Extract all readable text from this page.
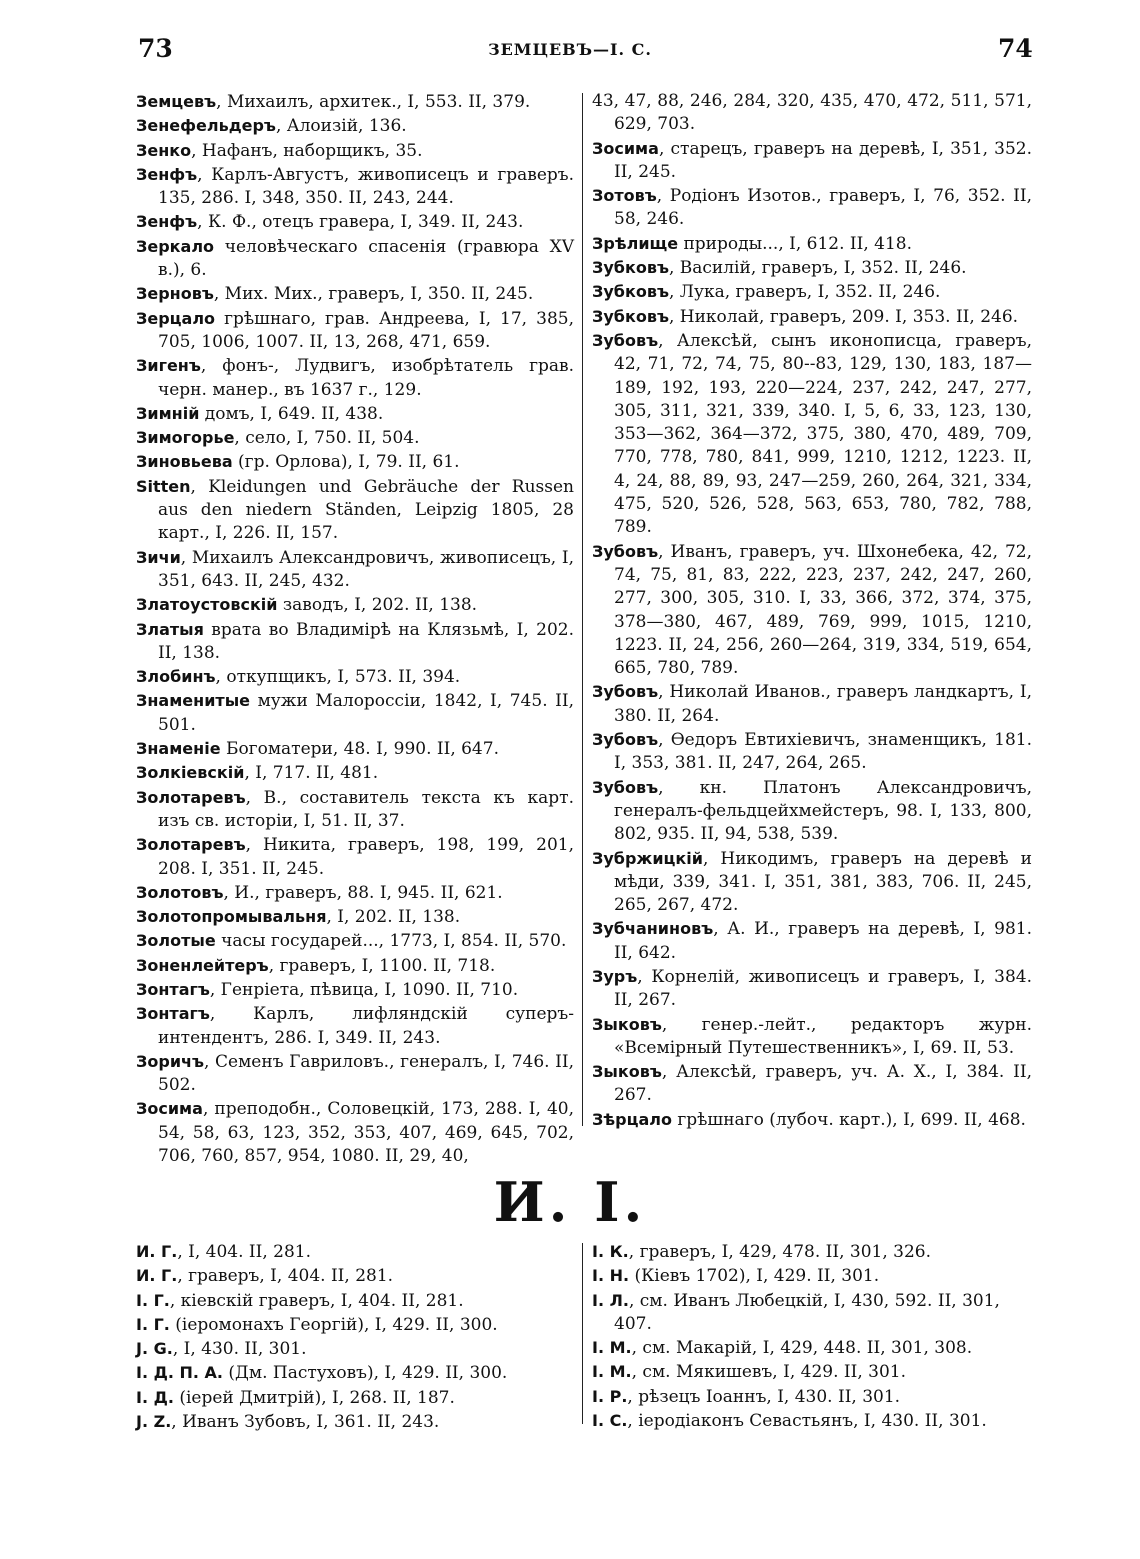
73	ЗЕМЦЕВЪ—I. С.	74
Земцевъ, Михаилъ, архитек., I, 553. II, 379.
Зенефельдеръ, Алоизій, 136.
Зенко, Нафанъ, наборщикъ, 35.
Зенфъ, Карлъ-Августъ, живописецъ и граверъ. 135, 286. I, 348, 350. II, 243, 244.
Зенфъ, К. Ф., отецъ гравера, I, 349. II, 243.
Зеркало человѣческаго спасенія (гравюра XV в.), 6.
Зерновъ, Мих. Мих., граверъ, I, 350. II, 245.
Зерцало грѣшнаго, грав. Андреева, I, 17, 385, 705, 1006, 1007. II, 13, 268, 471, 659.
Зигенъ, фонъ-, Лудвигъ, изобрѣтатель грав. черн. манер., въ 1637 г., 129.
Зимній домъ, I, 649. II, 438.
Зимогорье, село, I, 750. II, 504.
Зиновьева (гр. Орлова), I, 79. II, 61.
Sitten, Kleidungen und Gebräuche der Russen aus den niedern Ständen, Leipzig 1805, 28 карт., I, 226. II, 157.
Зичи, Михаилъ Александровичъ, живописецъ, I, 351, 643. II, 245, 432.
Златоустовскій заводъ, I, 202. II, 138.
Златыя врата во Владимірѣ на Клязьмѣ, I, 202. II, 138.
Злобинъ, откупщикъ, I, 573. II, 394.
Знаменитые мужи Малороссіи, 1842, I, 745. II, 501.
Знаменіе Богоматери, 48. I, 990. II, 647.
Золкіевскій, I, 717. II, 481.
Золотаревъ, В., составитель текста къ карт. изъ св. исторіи, I, 51. II, 37.
Золотаревъ, Никита, граверъ, 198, 199, 201, 208. I, 351. II, 245.
Золотовъ, И., граверъ, 88. I, 945. II, 621.
Золотопромывальня, I, 202. II, 138.
Золотые часы государей..., 1773, I, 854. II, 570.
Зоненлейтеръ, граверъ, I, 1100. II, 718.
Зонтагъ, Генріета, пѣвица, I, 1090. II, 710.
Зонтагъ, Карлъ, лифляндскій суперъ-интендентъ, 286. I, 349. II, 243.
Зоричъ, Семенъ Гавриловъ., генералъ, I, 746. II, 502.
Зосима, преподобн., Соловецкій, 173, 288. I, 40, 54, 58, 63, 123, 352, 353, 407, 469, 645, 702, 706, 760, 857, 954, 1080. II, 29, 40,
43, 47, 88, 246, 284, 320, 435, 470, 472, 511, 571, 629, 703.
Зосима, старецъ, граверъ на деревѣ, I, 351, 352. II, 245.
Зотовъ, Родіонъ Изотов., граверъ, I, 76, 352. II, 58, 246.
Зрѣлище природы..., I, 612. II, 418.
Зубковъ, Василій, граверъ, I, 352. II, 246.
Зубковъ, Лука, граверъ, I, 352. II, 246.
Зубковъ, Николай, граверъ, 209. I, 353. II, 246.
Зубовъ, Алексѣй, сынъ иконописца, граверъ, 42, 71, 72, 74, 75, 80--83, 129, 130, 183, 187—189, 192, 193, 220—224, 237, 242, 247, 277, 305, 311, 321, 339, 340. I, 5, 6, 33, 123, 130, 353—362, 364—372, 375, 380, 470, 489, 709, 770, 778, 780, 841, 999, 1210, 1212, 1223. II, 4, 24, 88, 89, 93, 247—259, 260, 264, 321, 334, 475, 520, 526, 528, 563, 653, 780, 782, 788, 789.
Зубовъ, Иванъ, граверъ, уч. Шхонебека, 42, 72, 74, 75, 81, 83, 222, 223, 237, 242, 247, 260, 277, 300, 305, 310. I, 33, 366, 372, 374, 375, 378—380, 467, 489, 769, 999, 1015, 1210, 1223. II, 24, 256, 260—264, 319, 334, 519, 654, 665, 780, 789.
Зубовъ, Николай Иванов., граверъ ландкартъ, I, 380. II, 264.
Зубовъ, Ѳедоръ Евтихіевичъ, знаменщикъ, 181. I, 353, 381. II, 247, 264, 265.
Зубовъ, кн. Платонъ Александровичъ, генералъ-фельдцейхмейстеръ, 98. I, 133, 800, 802, 935. II, 94, 538, 539.
Зубржицкій, Никодимъ, граверъ на деревѣ и мѣди, 339, 341. I, 351, 381, 383, 706. II, 245, 265, 267, 472.
Зубчаниновъ, А. И., граверъ на деревѣ, I, 981. II, 642.
Зуръ, Корнелій, живописецъ и граверъ, I, 384. II, 267.
Зыковъ, генер.-лейт., редакторъ журн. «Всемірный Путешественникъ», I, 69. II, 53.
Зыковъ, Алексѣй, граверъ, уч. А. Х., I, 384. II, 267.
Зѣрцало грѣшнаго (лубоч. карт.), I, 699. II, 468.
И. I.
И. Г., I, 404. II, 281.
И. Г., граверъ, I, 404. II, 281.
I. Г., кіевскій граверъ, I, 404. II, 281.
I. Г. (іеромонахъ Георгій), I, 429. II, 300.
J. G., I, 430. II, 301.
I. Д. П. А. (Дм. Пастуховъ), I, 429. II, 300.
I. Д. (іерей Дмитрій), I, 268. II, 187.
J. Z., Иванъ Зубовъ, I, 361. II, 243.
I. К., граверъ, I, 429, 478. II, 301, 326.
I. Н. (Кіевъ 1702), I, 429. II, 301.
I. Л., см. Иванъ Любецкій, I, 430, 592. II, 301, 407.
I. М., см. Макарій, I, 429, 448. II, 301, 308.
I. М., см. Мякишевъ, I, 429. II, 301.
I. Р., рѣзецъ Іоаннъ, I, 430. II, 301.
I. С., іеродіаконъ Севастьянъ, I, 430. II, 301.
